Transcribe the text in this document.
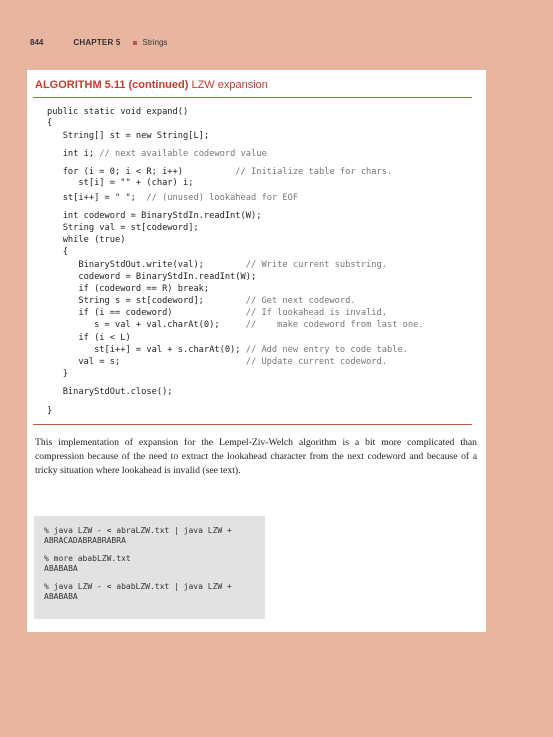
844	CHAPTER 5	Strings
ALGORITHM 5.11 (continued) LZW expansion
public static void expand()
{
String[] st = new String[L];
int i; // next available codeword value
for (i = 0; i < R; i++)          // Initialize table for chars.
st[i] = "" + (char) i;
st[i++] = " ";  // (unused) lookahead for EOF
int codeword = BinaryStdIn.readInt(W);
String val = st[codeword];
while (true)
{
BinaryStdOut.write(val);        // Write current substring.
codeword = BinaryStdIn.readInt(W);
if (codeword == R) break;
String s = st[codeword];        // Get next codeword.
if (i == codeword)              // If lookahead is invalid,
s = val + val.charAt(0);     //    make codeword from last one.
if (i < L)
st[i++] = val + s.charAt(0); // Add new entry to code table.
val = s;                        // Update current codeword.
}
BinaryStdOut.close();
}

This implementation of expansion for the Lempel-Ziv-Welch algorithm is a bit more complicated than compression because of the need to extract the lookahead character from the next codeword and because of a tricky situation where lookahead is invalid (see text).

% java LZW - < abraLZW.txt | java LZW +
ABRACADABRABRABRA
% more ababLZW.txt
ABABABA
% java LZW - < ababLZW.txt | java LZW +
ABABABA
